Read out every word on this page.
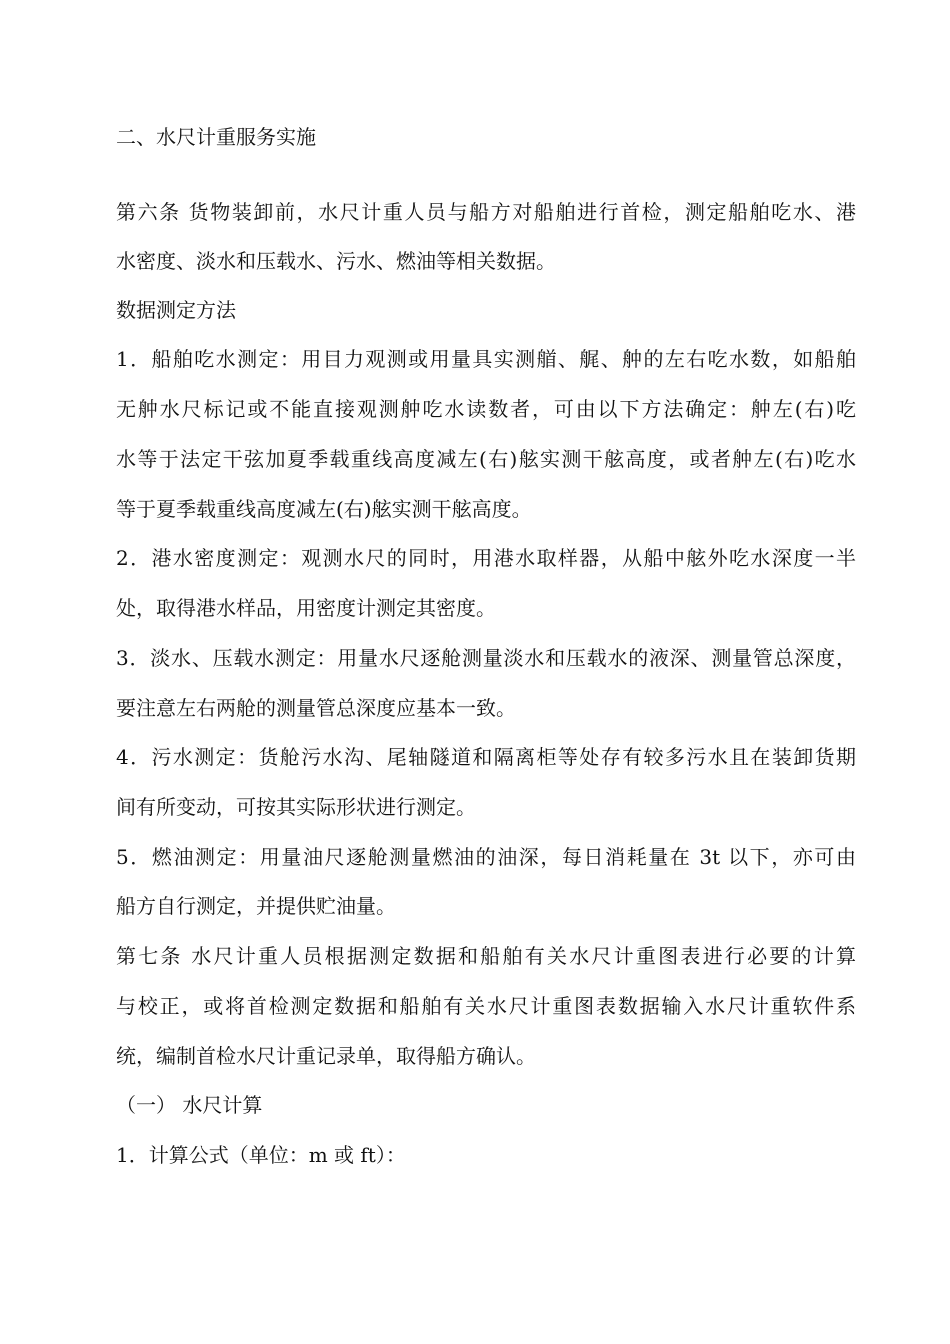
二、水尺计重服务实施
第六条 货物装卸前，水尺计重人员与船方对船舶进行首检，测定船舶吃水、港
水密度、淡水和压载水、污水、燃油等相关数据。
数据测定方法
1．船舶吃水测定：用目力观测或用量具实测艏、艉、舯的左右吃水数，如船舶
无舯水尺标记或不能直接观测舯吃水读数者，可由以下方法确定：舯左(右)吃
水等于法定干弦加夏季载重线高度减左(右)舷实测干舷高度，或者舯左(右)吃水
等于夏季载重线高度减左(右)舷实测干舷高度。
2．港水密度测定：观测水尺的同时，用港水取样器，从船中舷外吃水深度一半
处，取得港水样品，用密度计测定其密度。
3．淡水、压载水测定：用量水尺逐舱测量淡水和压载水的液深、测量管总深度，
要注意左右两舱的测量管总深度应基本一致。
4．污水测定：货舱污水沟、尾轴隧道和隔离柜等处存有较多污水且在装卸货期
间有所变动，可按其实际形状进行测定。
5．燃油测定：用量油尺逐舱测量燃油的油深，每日消耗量在 3t 以下，亦可由
船方自行测定，并提供贮油量。
第七条 水尺计重人员根据测定数据和船舶有关水尺计重图表进行必要的计算
与校正，或将首检测定数据和船舶有关水尺计重图表数据输入水尺计重软件系
统，编制首检水尺计重记录单，取得船方确认。
（一） 水尺计算
1．计算公式（单位：m 或 ft）：
